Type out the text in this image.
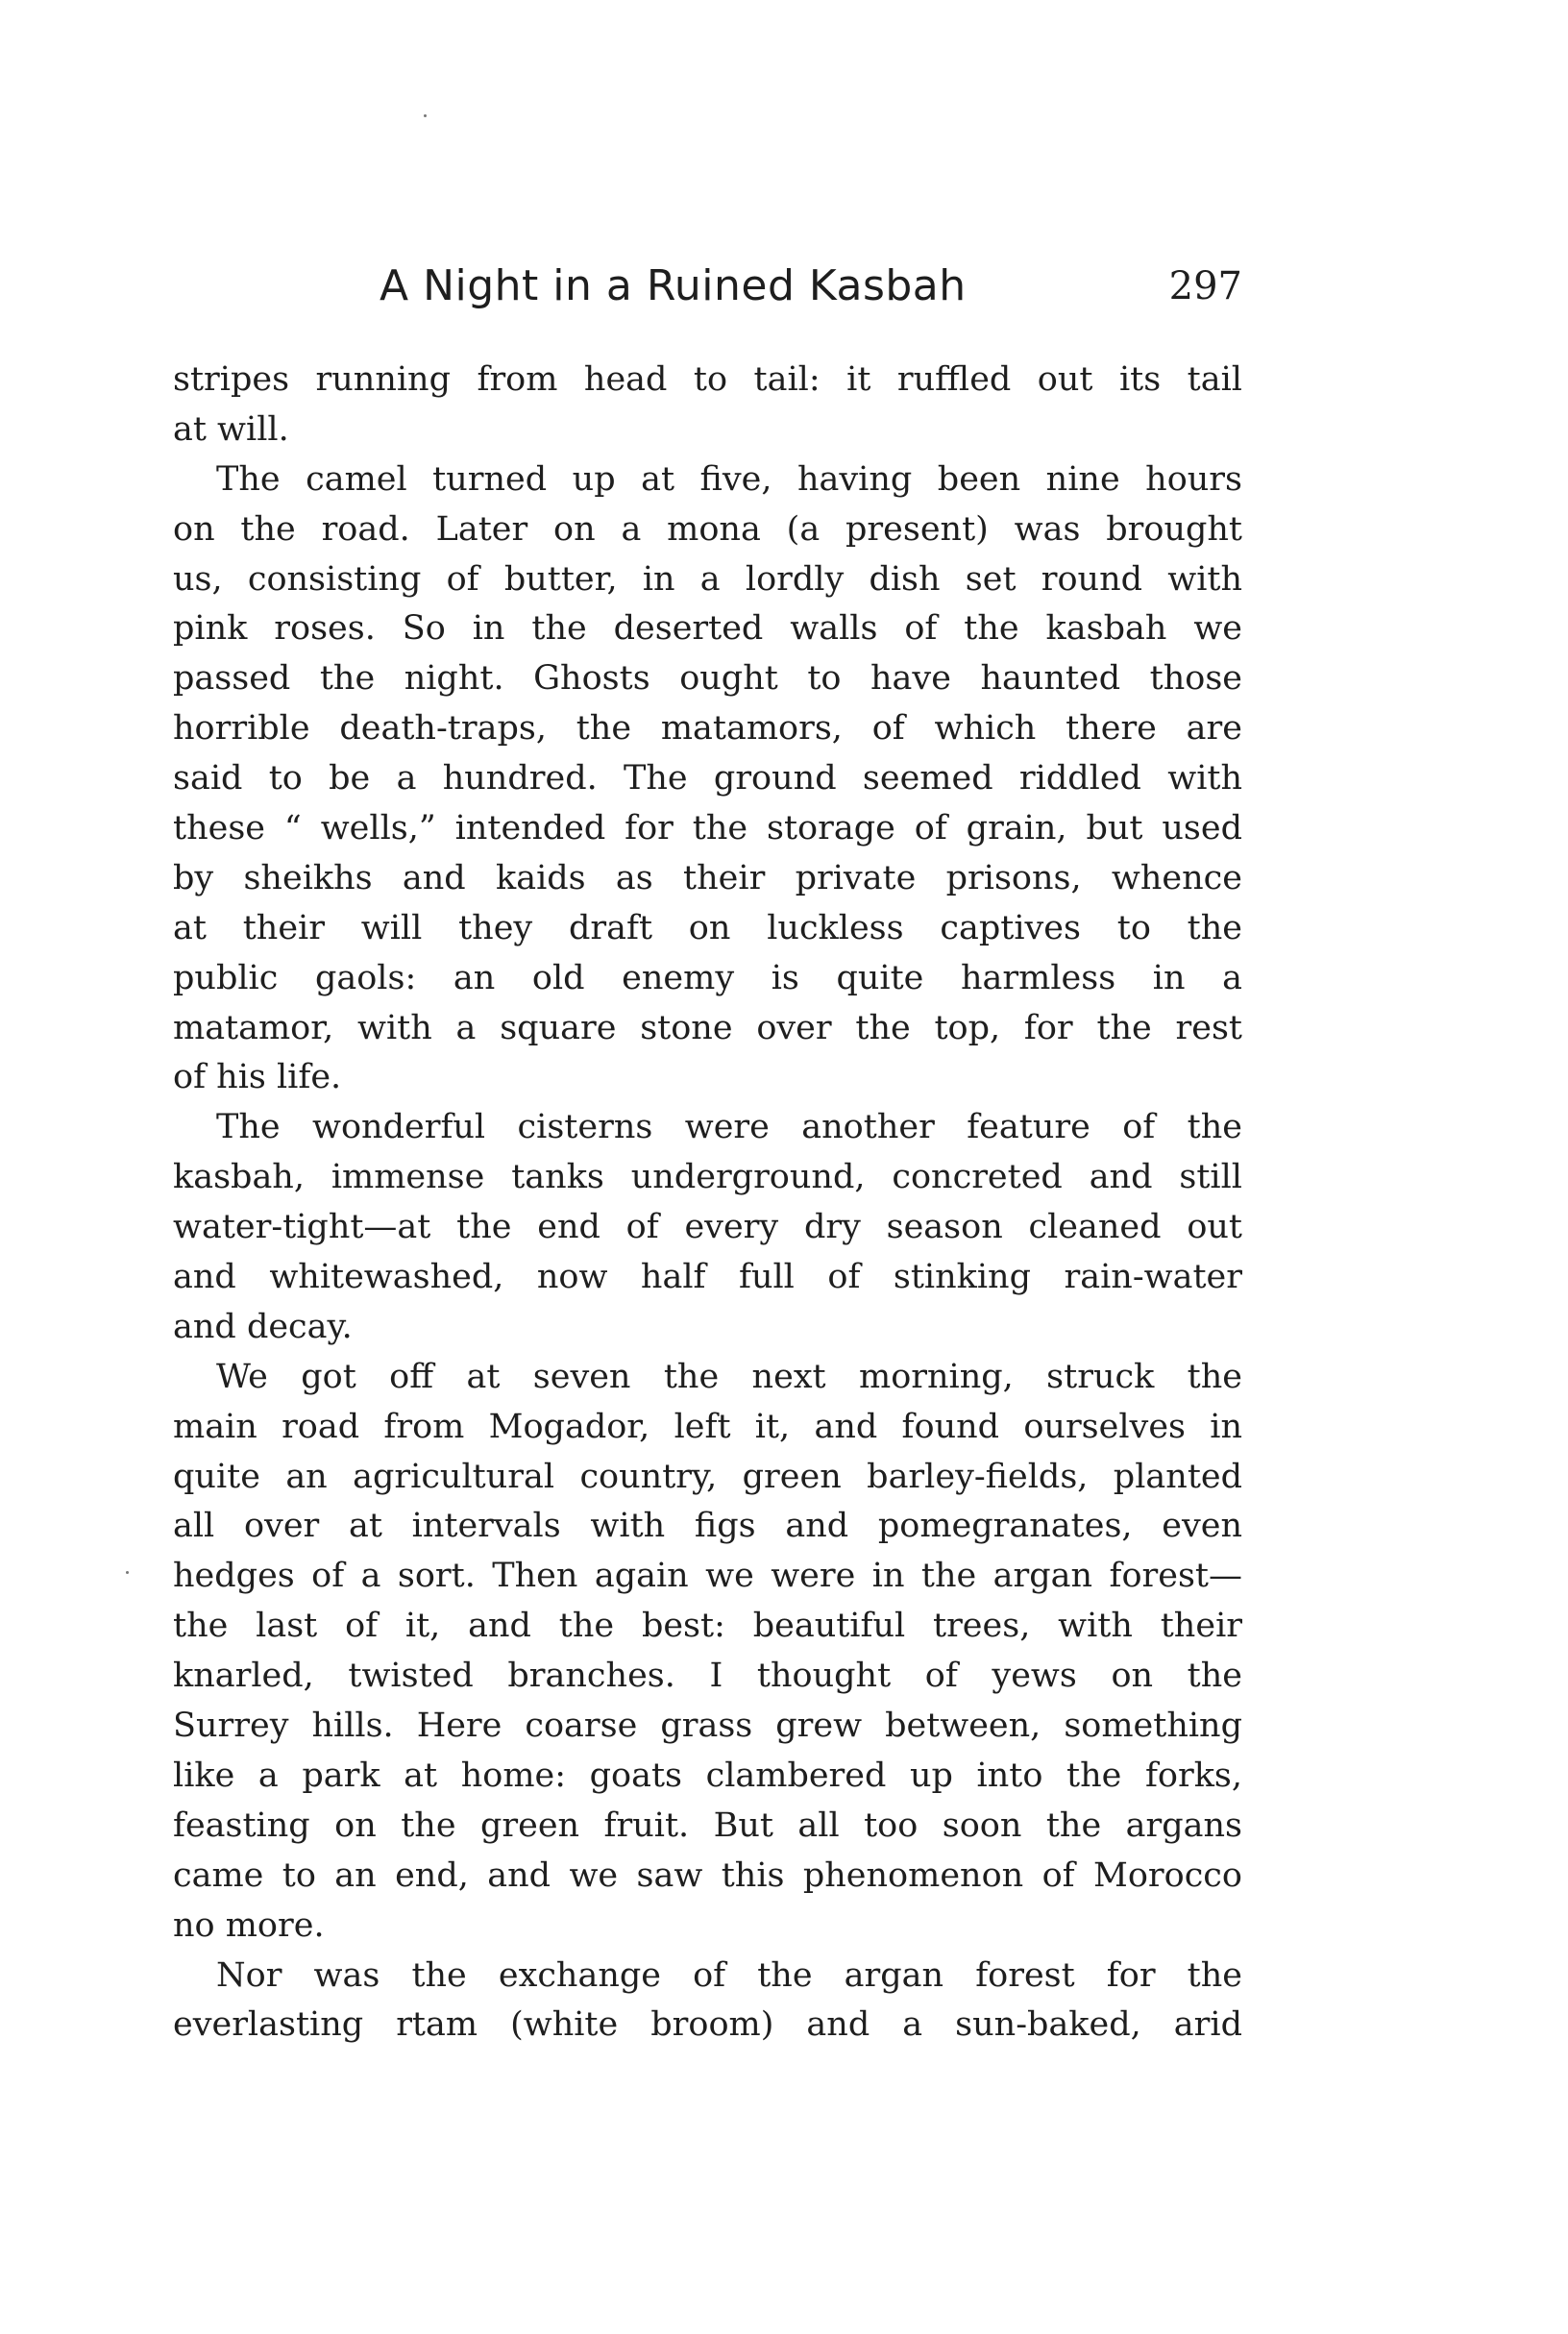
A Night in a Ruined Kasbah	297
stripes running from head to tail: it ruffled out its tail
at will.
The camel turned up at five, having been nine hours
on the road. Later on a mona (a present) was brought
us, consisting of butter, in a lordly dish set round with
pink roses. So in the deserted walls of the kasbah we
passed the night. Ghosts ought to have haunted those
horrible death-traps, the matamors, of which there are
said to be a hundred. The ground seemed riddled with
these “ wells,” intended for the storage of grain, but used
by sheikhs and kaids as their private prisons, whence
at their will they draft on luckless captives to the
public gaols: an old enemy is quite harmless in a
matamor, with a square stone over the top, for the rest
of his life.
The wonderful cisterns were another feature of the
kasbah, immense tanks underground, concreted and still
water-tight—at the end of every dry season cleaned out
and whitewashed, now half full of stinking rain-water
and decay.
We got off at seven the next morning, struck the
main road from Mogador, left it, and found ourselves in
quite an agricultural country, green barley-fields, planted
all over at intervals with figs and pomegranates, even
hedges of a sort. Then again we were in the argan forest—
the last of it, and the best: beautiful trees, with their
knarled, twisted branches. I thought of yews on the
Surrey hills. Here coarse grass grew between, something
like a park at home: goats clambered up into the forks,
feasting on the green fruit. But all too soon the argans
came to an end, and we saw this phenomenon of Morocco
no more.
Nor was the exchange of the argan forest for the
everlasting rtam (white broom) and a sun-baked, arid
